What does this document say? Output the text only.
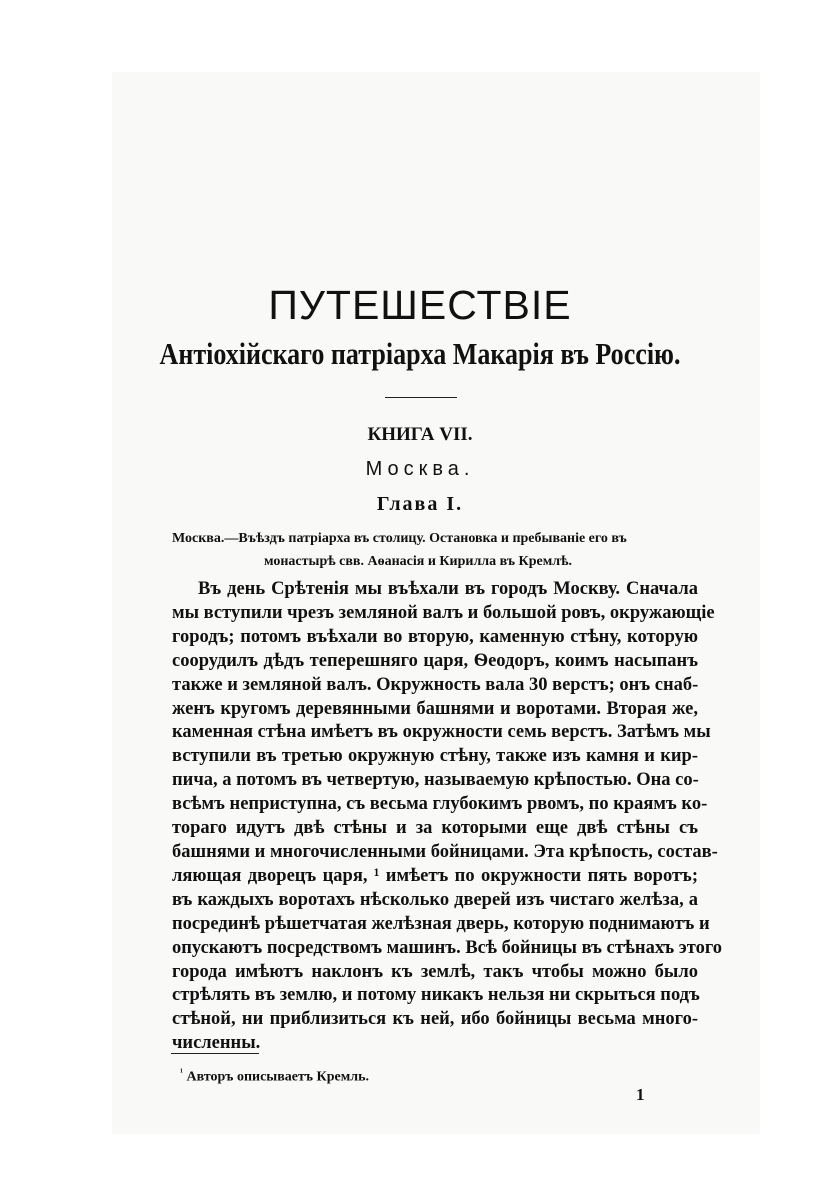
ПУТЕШЕСТВІЕ
Антіохійскаго патріарха Макарія въ Россію.
КНИГА VII.
Москва.
Глава I.
Москва.—Въѣздъ патріарха въ столицу. Остановка и пребываніе его въ
монастырѣ свв. Аѳанасія и Кирилла въ Кремлѣ.
Въ день Срѣтенія мы въѣхали въ городъ Москву. Сначала
мы вступили чрезъ земляной валъ и большой ровъ, окружающіе
городъ; потомъ въѣхали во вторую, каменную стѣну, которую
соорудилъ дѣдъ теперешняго царя, Ѳеодоръ, коимъ насыпанъ
также и земляной валъ. Окружность вала 30 верстъ; онъ снаб-
женъ кругомъ деревянными башнями и воротами. Вторая же,
каменная стѣна имѣетъ въ окружности семь верстъ. Затѣмъ мы
вступили въ третью окружную стѣну, также изъ камня и кир-
пича, а потомъ въ четвертую, называемую крѣпостью. Она со-
всѣмъ неприступна, съ весьма глубокимъ рвомъ, по краямъ ко-
тораго идутъ двѣ стѣны и за которыми еще двѣ стѣны съ
башнями и многочисленными бойницами. Эта крѣпость, состав-
ляющая дворецъ царя, ¹ имѣетъ по окружности пять воротъ;
въ каждыхъ воротахъ нѣсколько дверей изъ чистаго желѣза, а
посрединѣ рѣшетчатая желѣзная дверь, которую поднимаютъ и
опускаютъ посредствомъ машинъ. Всѣ бойницы въ стѣнахъ этого
города имѣютъ наклонъ къ землѣ, такъ чтобы можно было
стрѣлять въ землю, и потому никакъ нельзя ни скрыться подъ
стѣной, ни приблизиться къ ней, ибо бойницы весьма много-
численны.
$^{^1}$ Авторъ описываетъ Кремль.
1
